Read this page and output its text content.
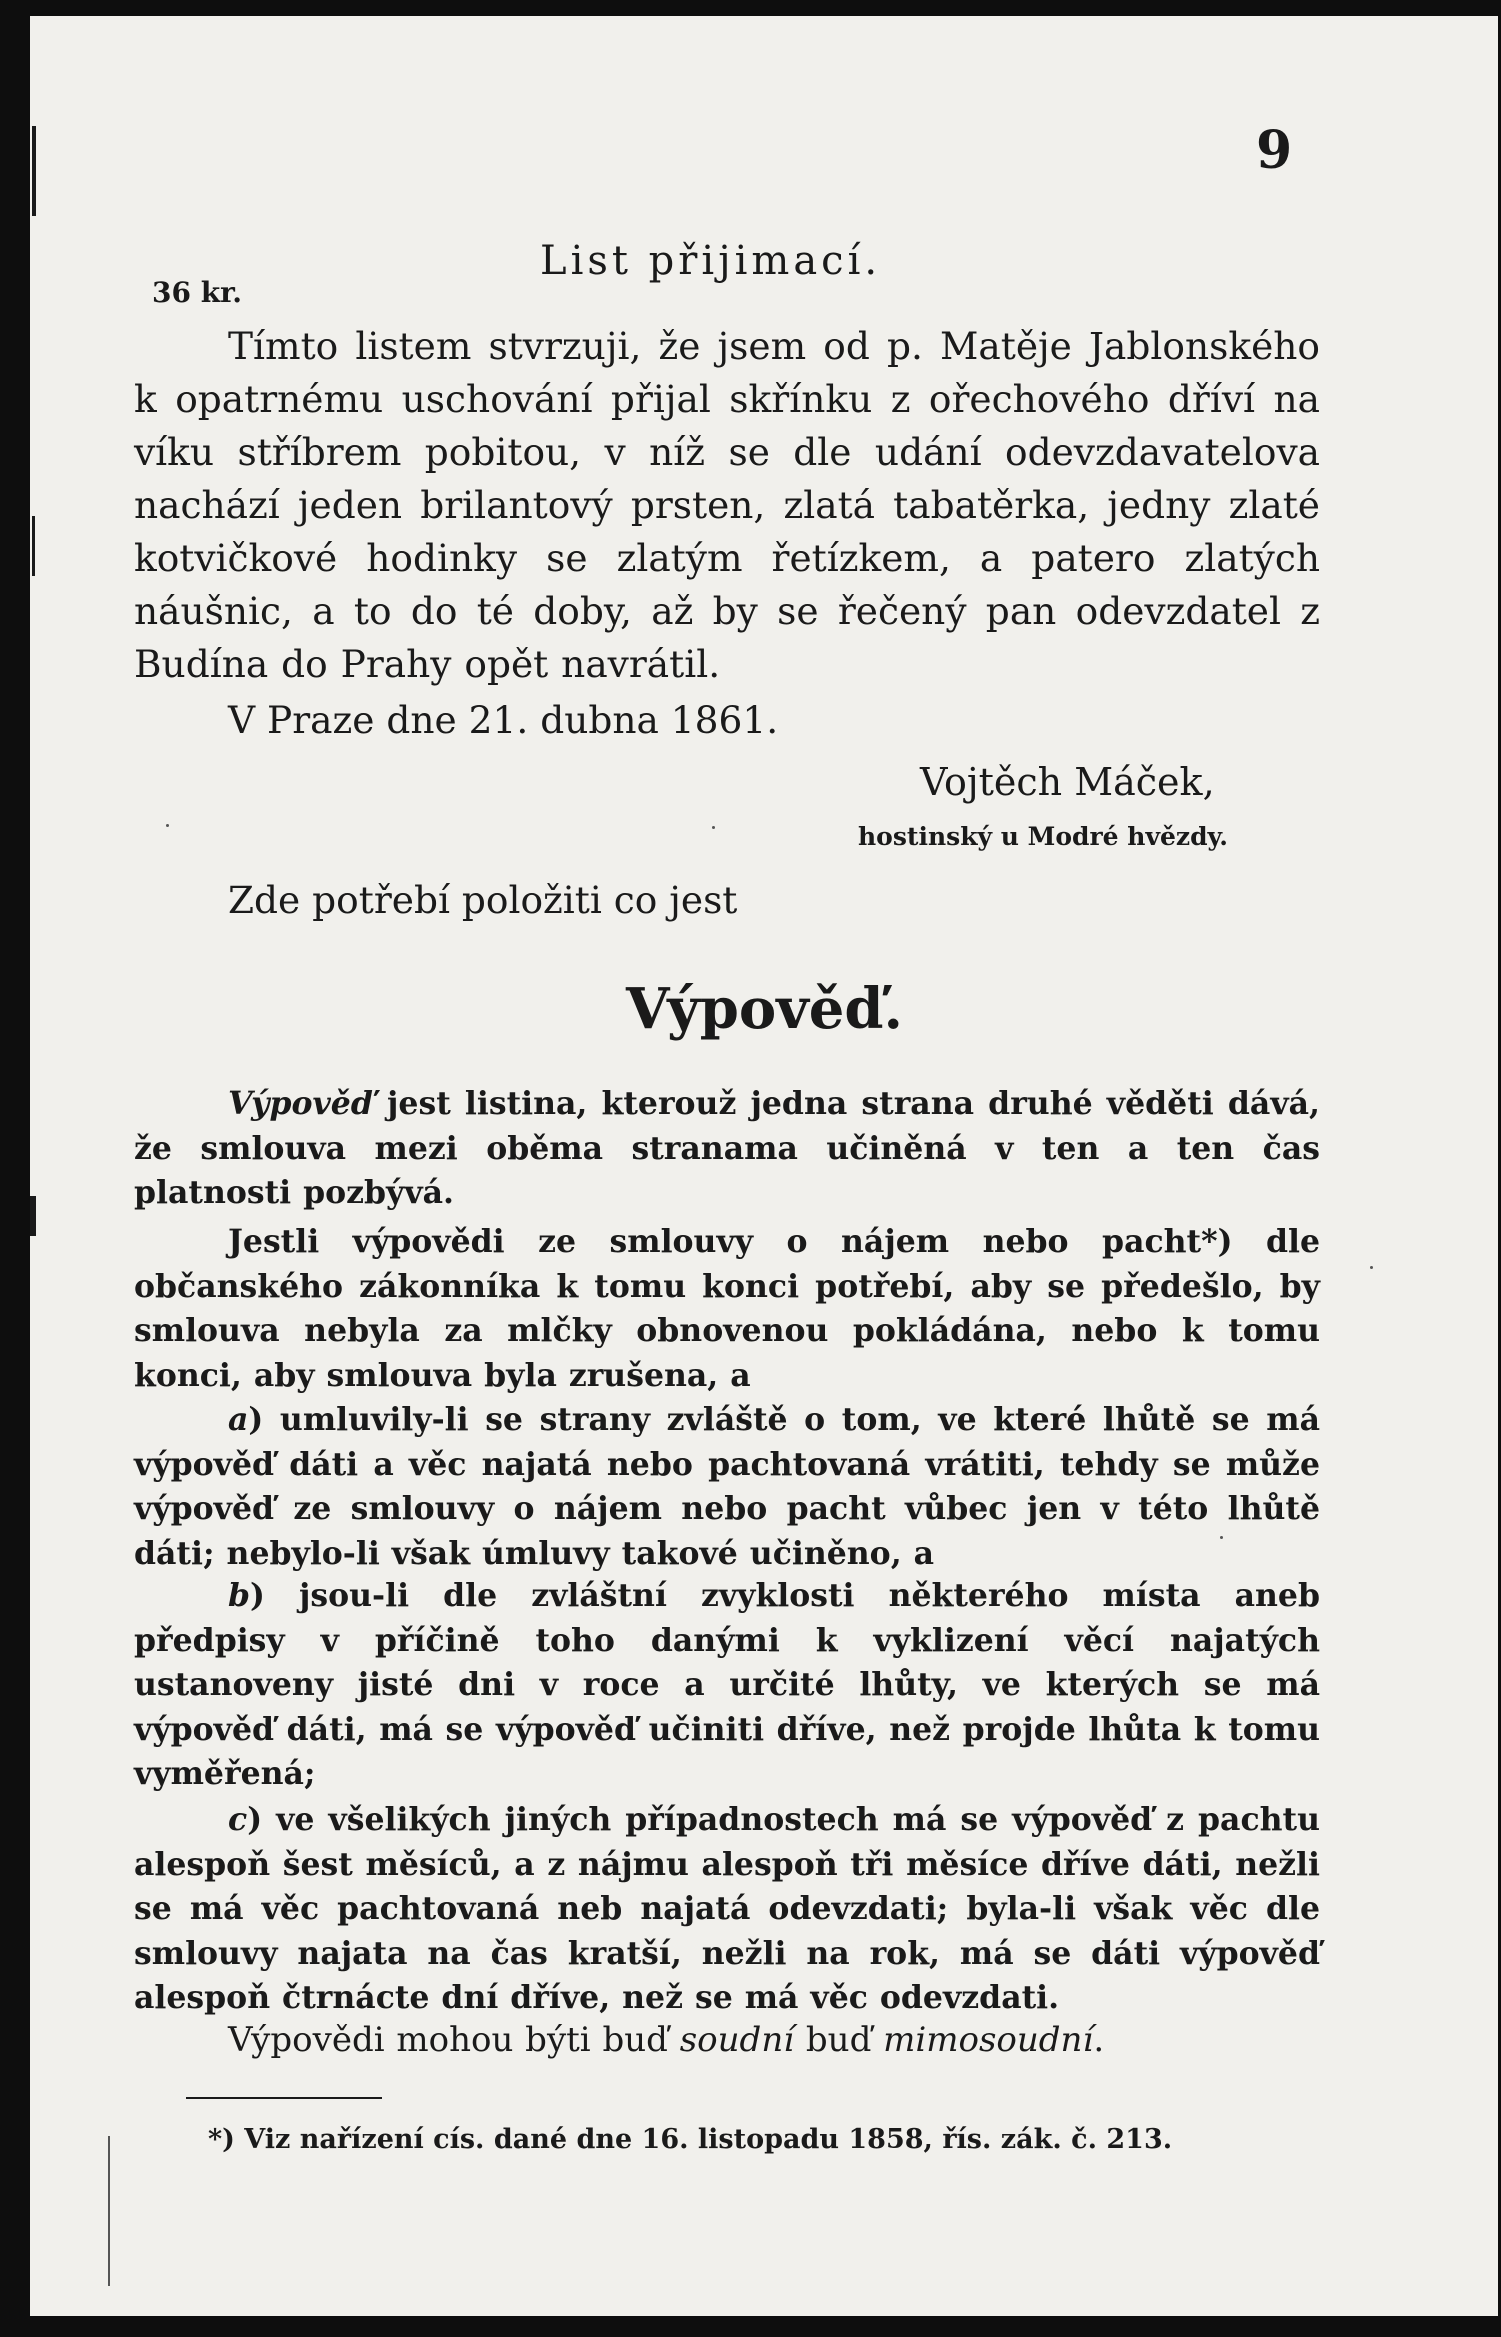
9

List přijimací.

36 kr.

Tímto listem stvrzuji, že jsem od p. Matěje Jablonského k opatrnému uschování přijal skřínku z ořechového dříví na víku stříbrem pobitou, v níž se dle udání odevzdavatelova nachází jeden brilantový prsten, zlatá tabatěrka, jedny zlaté kotvičkové hodinky se zlatým řetízkem, a patero zlatých náušnic, a to do té doby, až by se řečený pan odevzdatel z Budína do Prahy opět navrátil.

V Praze dne 21. dubna 1861.

Vojtěch Máček,

hostinský u Modré hvězdy.

Zde potřebí položiti co jest

Výpověď.

Výpověď jest listina, kterouž jedna strana druhé věděti dává, že smlouva mezi oběma stranama učiněná v ten a ten čas platnosti pozbývá.

Jestli výpovědi ze smlouvy o nájem nebo pacht*) dle občanského zákonníka k tomu konci potřebí, aby se předešlo, by smlouva nebyla za mlčky obnovenou pokládána, nebo k tomu konci, aby smlouva byla zrušena, a

a) umluvily-li se strany zvláště o tom, ve které lhůtě se má výpověď dáti a věc najatá nebo pachtovaná vrátiti, tehdy se může výpověď ze smlouvy o nájem nebo pacht vůbec jen v této lhůtě dáti; nebylo-li však úmluvy takové učiněno, a

b) jsou-li dle zvláštní zvyklosti některého místa aneb předpisy v příčině toho danými k vyklizení věcí najatých ustanoveny jisté dni v roce a určité lhůty, ve kterých se má výpověď dáti, má se výpověď učiniti dříve, než projde lhůta k tomu vyměřená;

c) ve všelikých jiných případnostech má se výpověď z pachtu alespoň šest měsíců, a z nájmu alespoň tři měsíce dříve dáti, nežli se má věc pachtovaná neb najatá odevzdati; byla-li však věc dle smlouvy najata na čas kratší, nežli na rok, má se dáti výpověď alespoň čtrnácte dní dříve, než se má věc odevzdati.

Výpovědi mohou býti buď soudní buď mimosoudní.

*) Viz nařízení cís. dané dne 16. listopadu 1858, řís. zák. č. 213.
